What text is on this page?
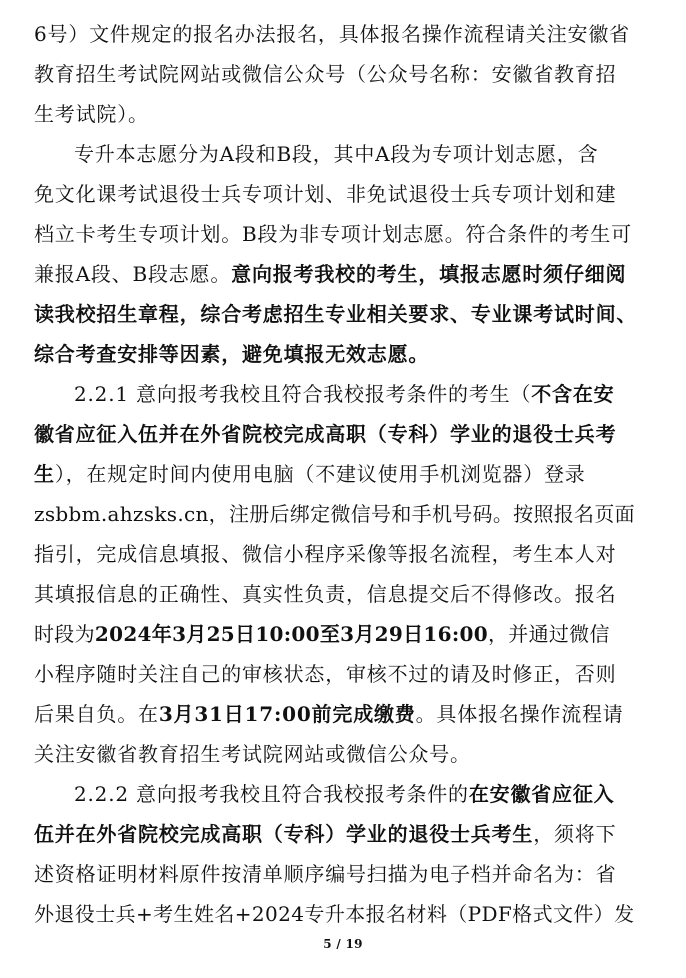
6号）文件规定的报名办法报名，具体报名操作流程请关注安徽省
教育招生考试院网站或微信公众号（公众号名称：安徽省教育招
生考试院）。
专升本志愿分为A段和B段，其中A段为专项计划志愿，含
免文化课考试退役士兵专项计划、非免试退役士兵专项计划和建
档立卡考生专项计划。B段为非专项计划志愿。符合条件的考生可
兼报A段、B段志愿。意向报考我校的考生，填报志愿时须仔细阅
读我校招生章程，综合考虑招生专业相关要求、专业课考试时间、
综合考查安排等因素，避免填报无效志愿。
2.2.1 意向报考我校且符合我校报考条件的考生（不含在安
徽省应征入伍并在外省院校完成高职（专科）学业的退役士兵考
生），在规定时间内使用电脑（不建议使用手机浏览器）登录
zsbbm.ahzsks.cn，注册后绑定微信号和手机号码。按照报名页面
指引，完成信息填报、微信小程序采像等报名流程，考生本人对
其填报信息的正确性、真实性负责，信息提交后不得修改。报名
时段为2024年3月25日10:00至3月29日16:00，并通过微信
小程序随时关注自己的审核状态，审核不过的请及时修正，否则
后果自负。在3月31日17:00前完成缴费。具体报名操作流程请
关注安徽省教育招生考试院网站或微信公众号。
2.2.2 意向报考我校且符合我校报考条件的在安徽省应征入
伍并在外省院校完成高职（专科）学业的退役士兵考生，须将下
述资格证明材料原件按清单顺序编号扫描为电子档并命名为：省
外退役士兵+考生姓名+2024专升本报名材料（PDF格式文件）发
5 / 19
